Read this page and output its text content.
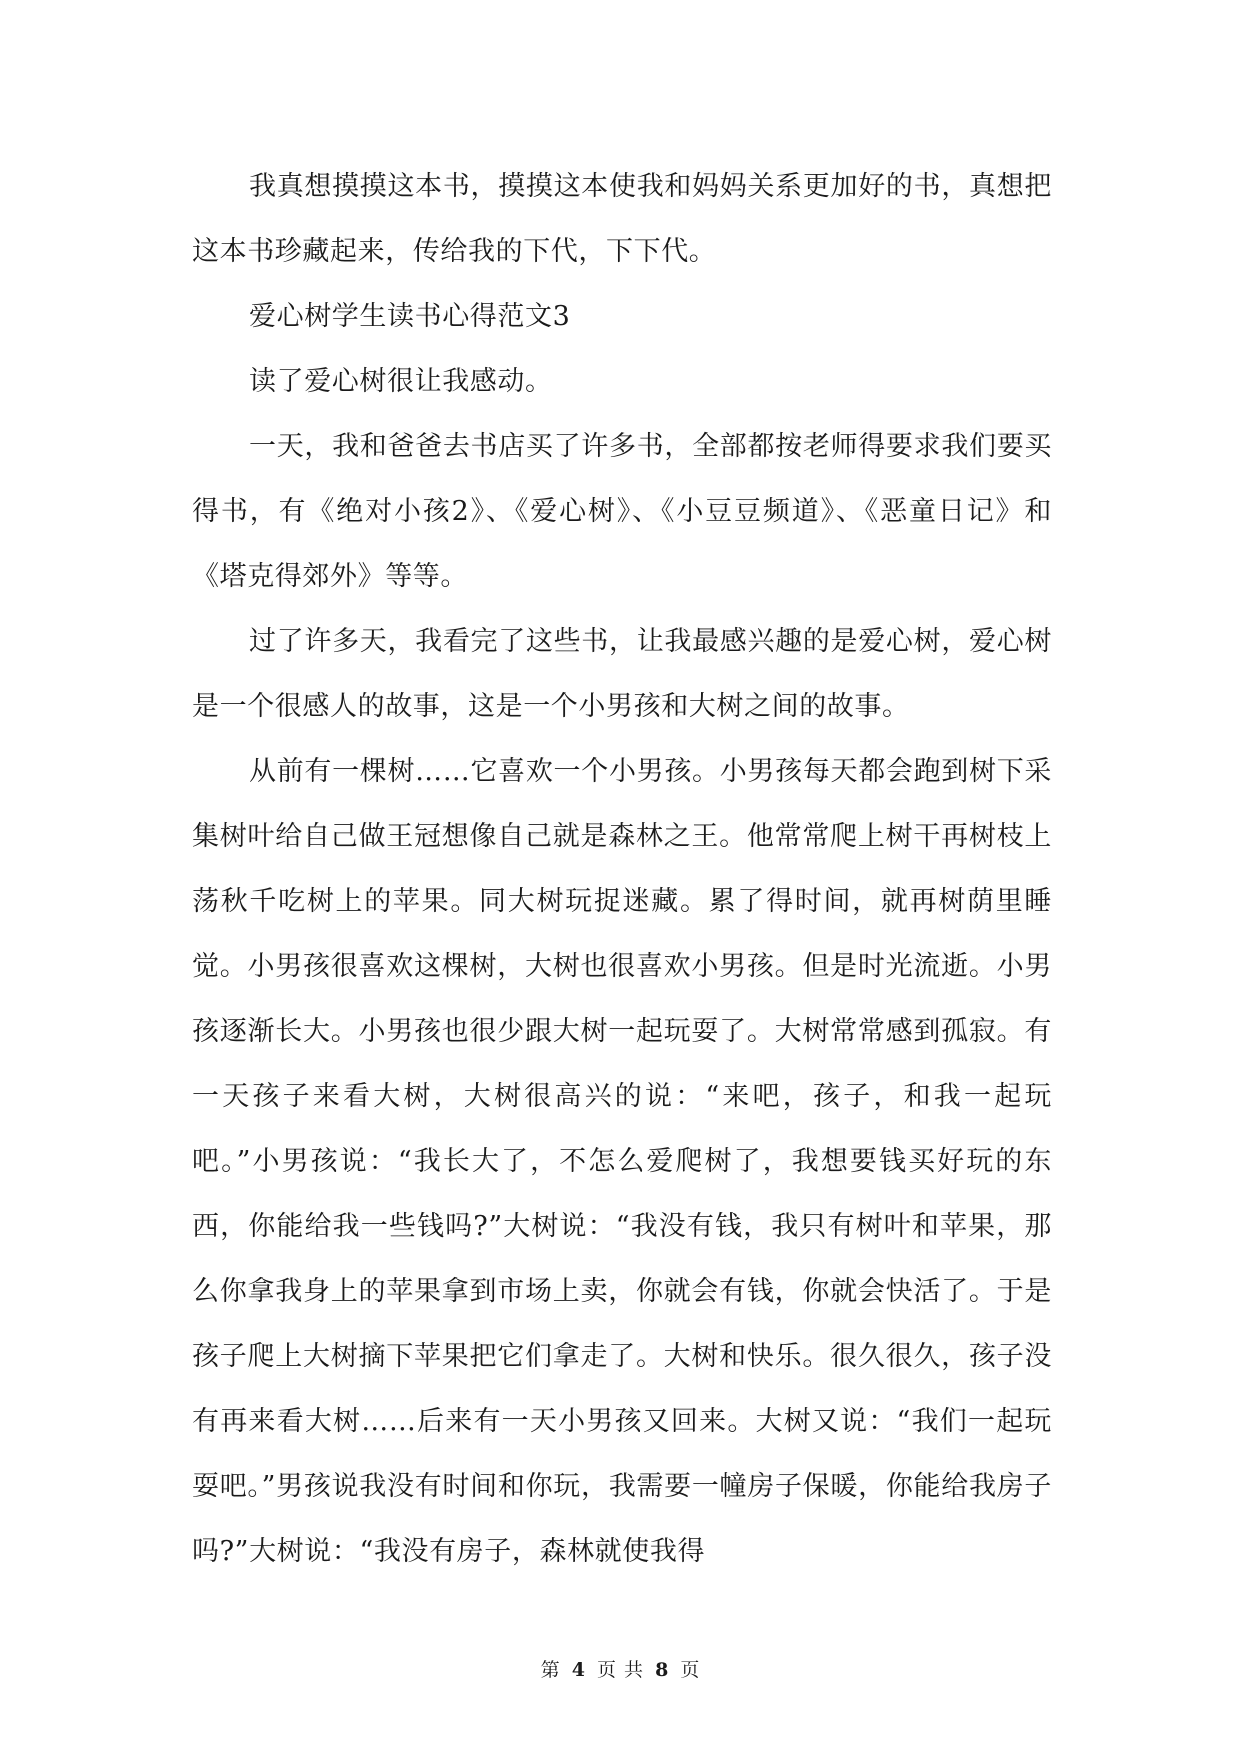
我真想摸摸这本书，摸摸这本使我和妈妈关系更加好的书，真想把这本书珍藏起来，传给我的下代，下下代。

爱心树学生读书心得范文3

读了爱心树很让我感动。

一天，我和爸爸去书店买了许多书，全部都按老师得要求我们要买得书，有《绝对小孩2》、《爱心树》、《小豆豆频道》、《恶童日记》和《塔克得郊外》等等。

过了许多天，我看完了这些书，让我最感兴趣的是爱心树，爱心树是一个很感人的故事，这是一个小男孩和大树之间的故事。

从前有一棵树……它喜欢一个小男孩。小男孩每天都会跑到树下采集树叶给自己做王冠想像自己就是森林之王。他常常爬上树干再树枝上荡秋千吃树上的苹果。同大树玩捉迷藏。累了得时间，就再树荫里睡觉。小男孩很喜欢这棵树，大树也很喜欢小男孩。但是时光流逝。小男孩逐渐长大。小男孩也很少跟大树一起玩耍了。大树常常感到孤寂。有一天孩子来看大树，大树很高兴的说：“来吧，孩子，和我一起玩吧。”小男孩说：“我长大了，不怎么爱爬树了，我想要钱买好玩的东西，你能给我一些钱吗?”大树说：“我没有钱，我只有树叶和苹果，那么你拿我身上的苹果拿到市场上卖，你就会有钱，你就会快活了。于是孩子爬上大树摘下苹果把它们拿走了。大树和快乐。很久很久，孩子没有再来看大树……后来有一天小男孩又回来。大树又说：“我们一起玩耍吧。”男孩说我没有时间和你玩，我需要一幢房子保暖，你能给我房子吗?”大树说：“我没有房子，森林就使我得

第 4 页 共 8 页
